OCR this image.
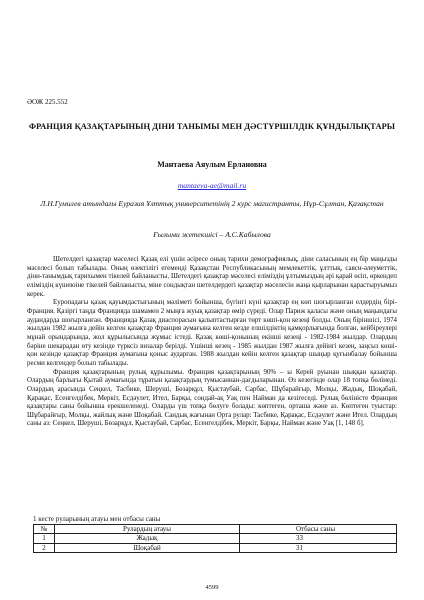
ӘОЖ 225.552
ФРАНЦИЯ ҚАЗАҚТАРЫНЫҢ ДІНИ ТАНЫМЫ МЕН ДӘСТҮРШІЛДІК ҚҰНДЫЛЫҚТАРЫ
Мантаева Аяулым Ерлановна
mantaeva-ae@mail.ru
Л.Н.Гумилев атындағы Еуразия Ұлттық университетінің 2 курс магистранты, Нұр-Сұлтан, Қазақстан
Ғылыми жетекшісі – А.С.Кабылова

Шетелдегі қазақтар мәселесі Қазақ елі үшін әсіресе оның тарихи демографиялық, діни саласының ең бір маңызды мәселесі болып табылады. Оның өзектілігі егемендi Қазақстан Республикасының мемлекеттік, ұлттық, саяси-әлеуметтік, діни-танымдық тарихымен тікелей байланысты. Шетелдегі қазақтар мәселесі еліміздің ұлтымыздың әрі қарай өсіп, өркендеп еліміздің күшеюіне тікелей байланысты, міне сондықтан шетелдердегі қазақтар мәселесін жаңа қырларынан қарастыруымыз керек.

Еуропадағы қазақ қауымдастығының мәліметі бойынша, бүгінгі күні қазақтар ең көп шоғырланған елдердің бірі-Франция. Қазіргі таңда Францияда шамамен 2 мыңға жуық қазақтар өмір сүреді. Олар Париж қаласы және оның маңындағы аудандарда шоғырланған. Францияда Қазақ диаспорасын қалыптастырған төрт көші-қон кезеңі болды. Оның біріншісі, 1974 жылдан 1982 жылға дейін келген қазақтар Франция аумағына келген кезде елшілдіктің қамқорлығында болған, кейбіреулері мұнай орындарында, жол құрылысында жұмыс істеді. Қазақ көші-қонының екінші кезеңі - 1982-1984 жылдар. Олардың бәріне шекарадан өту кезінде түрксіз визалар берілді. Үшінші кезең - 1985 жылдан 1987 жылға дейінгі кезең, заңсыз көші-қон кезінде қазақтар Франция аумағына қоныс аударған. 1988 жылдан кейін келген қазақтар шыңыр қуғынбалау бойынша ресми келгендер болып табылады.

Франция қазақтарының рулық құрылымы. Франция қазақтарының 90% – ы Керей руынан шыққан қазақтар. Олардың барлығы Қытай аумағында тұратын қазақтардың тумысаннан-дағдыларынан. Өз кезегінде олар 18 топқа бөлінеді. Олардың арасында Сеңкел, Тасбике, Шеруші, Бөзарқұл, Қыстаубай, Сарбас, Шұбарайғыр, Молқы, Жадық, Шоқабай, Қарақас, Есенгелдібек, Меркіт, Есдәулет, Ител, Барқы, сондай-ақ Уақ пен Найман да кезігеседі. Рулық бөліністе Франция қазақтары саны бойынша ерекшеленеді. Оларды үш топқа бөлуге болады: көптеген, орташа және аз. Көптеген туыстар: Шұбарайғыр, Молқы, жайлық және Шоқабай. Сандық жағынан Орта рулар: Тасбике, Қарақас, Есдәулет және Ител. Олардың саны аз: Сеңкел, Шеруші, Бөзарқұл, Қыстаубай, Сарбас, Есенгелдібек, Меркіт, Барқы, Найман және Уақ [1, 148 б].

1 кесте руларының атауы мен отбасы саны
№	Рулардың атауы	Отбасы саны
1	Жадық	33
2	Шоқабай	31
4599
